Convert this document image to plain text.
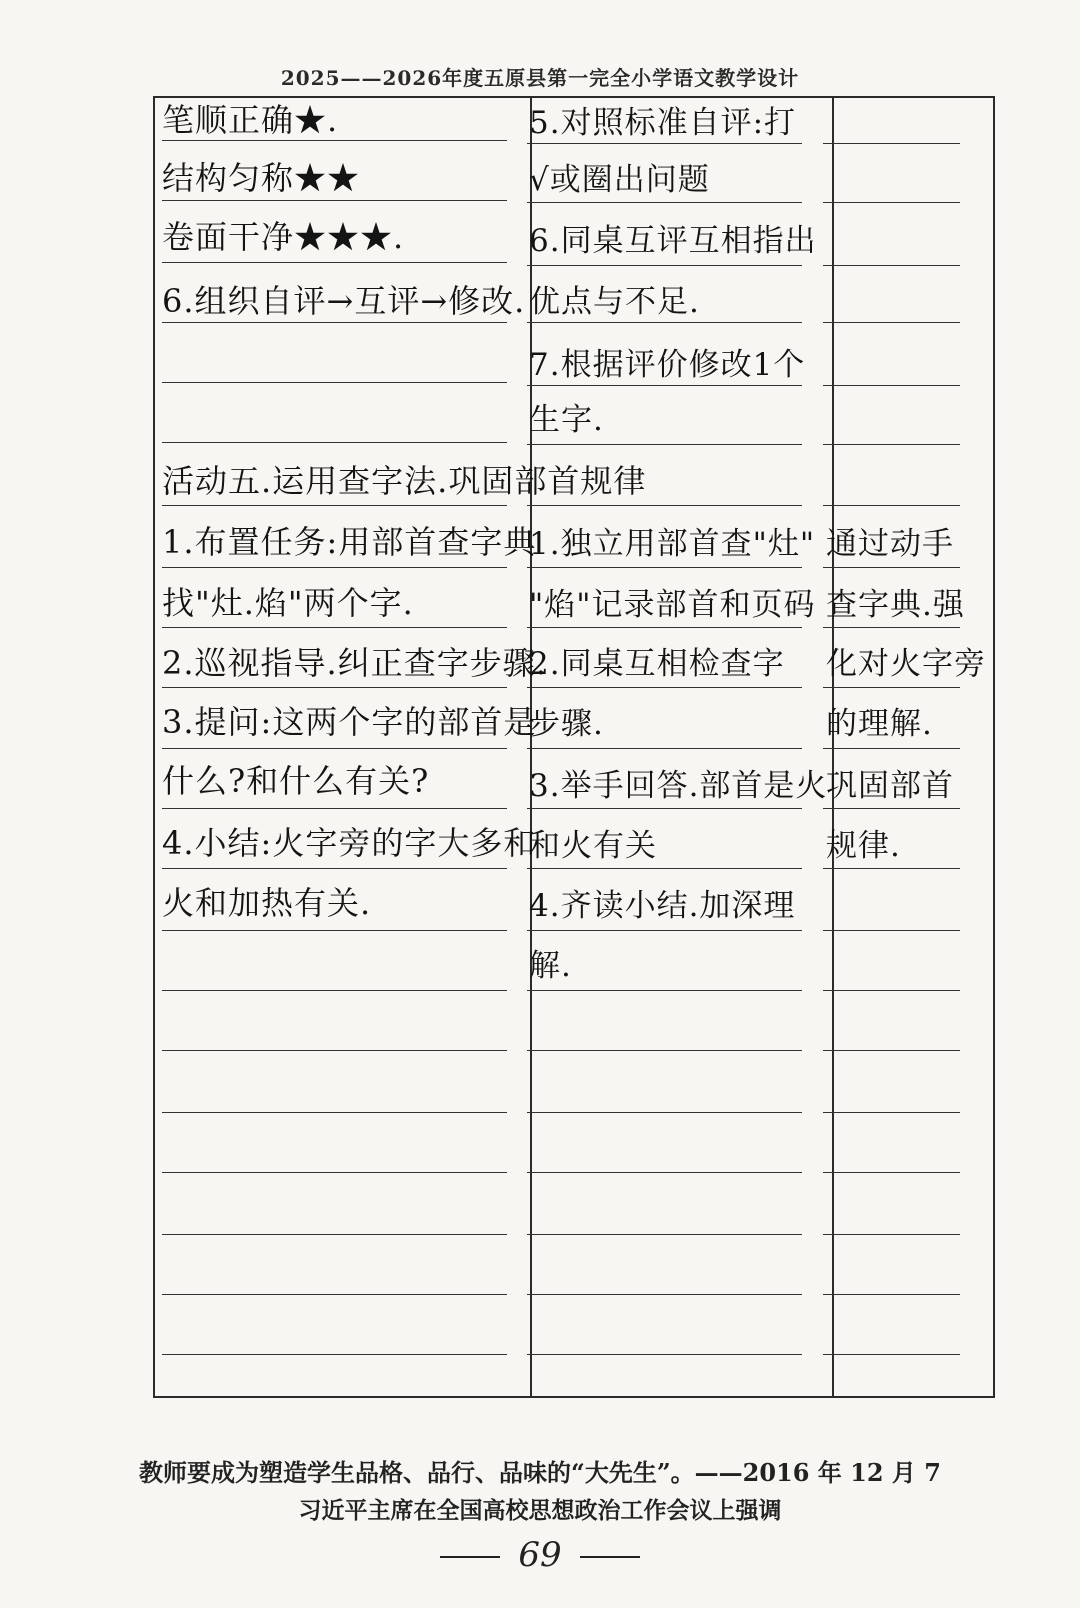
2025——2026年度五原县第一完全小学语文教学设计
笔顺正确★.
结构匀称★★
卷面干净★★★.
6.组织自评→互评→修改.
活动五.运用查字法.巩固部首规律
1.布置任务:用部首查字典
找"灶.焰"两个字.
2.巡视指导.纠正查字步骤.
3.提问:这两个字的部首是
什么?和什么有关?
4.小结:火字旁的字大多和
火和加热有关.
5.对照标准自评:打
√或圈出问题
6.同桌互评互相指出
优点与不足.
7.根据评价修改1个
生字.
1.独立用部首查"灶"
"焰"记录部首和页码
2.同桌互相检查字
步骤.
3.举手回答.部首是火
和火有关
4.齐读小结.加深理
解.
通过动手
查字典.强
化对火字旁
的理解.
巩固部首
规律.
教师要成为塑造学生品格、品行、品味的“大先生”。——2016 年 12 月 7
习近平主席在全国高校思想政治工作会议上强调
69
